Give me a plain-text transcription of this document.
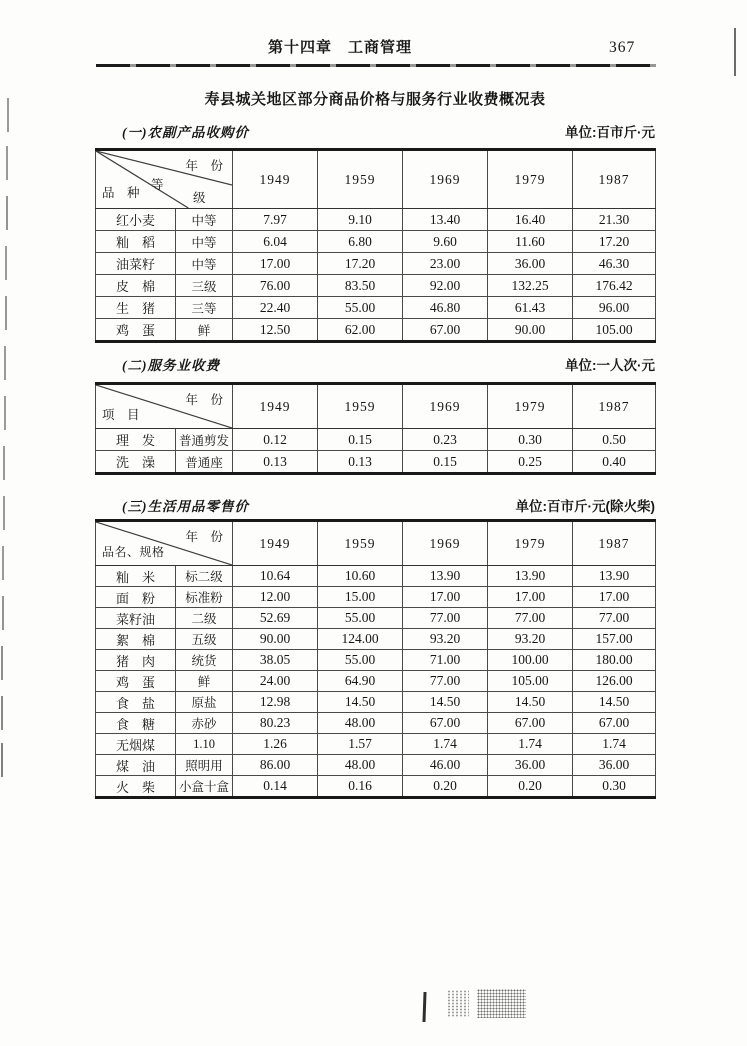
第十四章　工商管理	367
寿县城关地区部分商品价格与服务行业收费概况表
(一)农副产品收购价	单位:百市斤·元
年　份
品　种
等
级		1949	1959	1969	1979	1987
红小麦	中等	7.97	9.10	13.40	16.40	21.30
籼　稻	中等	6.04	6.80	9.60	11.60	17.20
油菜籽	中等	17.00	17.20	23.00	36.00	46.30
皮　棉	三级	76.00	83.50	92.00	132.25	176.42
生　猪	三等	22.40	55.00	46.80	61.43	96.00
鸡　蛋	鲜	12.50	62.00	67.00	90.00	105.00
(二)服务业收费	单位:一人次·元
年　份
项　目		1949	1959	1969	1979	1987
理　发	普通剪发	0.12	0.15	0.23	0.30	0.50
洗　澡	普通座	0.13	0.13	0.15	0.25	0.40
(三)生活用品零售价	单位:百市斤·元(除火柴)
年　份
品名、规格		1949	1959	1969	1979	1987
籼　米	标二级	10.64	10.60	13.90	13.90	13.90
面　粉	标准粉	12.00	15.00	17.00	17.00	17.00
菜籽油	二级	52.69	55.00	77.00	77.00	77.00
絮　棉	五级	90.00	124.00	93.20	93.20	157.00
猪　肉	统货	38.05	55.00	71.00	100.00	180.00
鸡　蛋	鲜	24.00	64.90	77.00	105.00	126.00
食　盐	原盐	12.98	14.50	14.50	14.50	14.50
食　糖	赤砂	80.23	48.00	67.00	67.00	67.00
无烟煤	1.10	1.26	1.57	1.74	1.74	1.74
煤　油	照明用	86.00	48.00	46.00	36.00	36.00
火　柴	小盒十盒	0.14	0.16	0.20	0.20	0.30
